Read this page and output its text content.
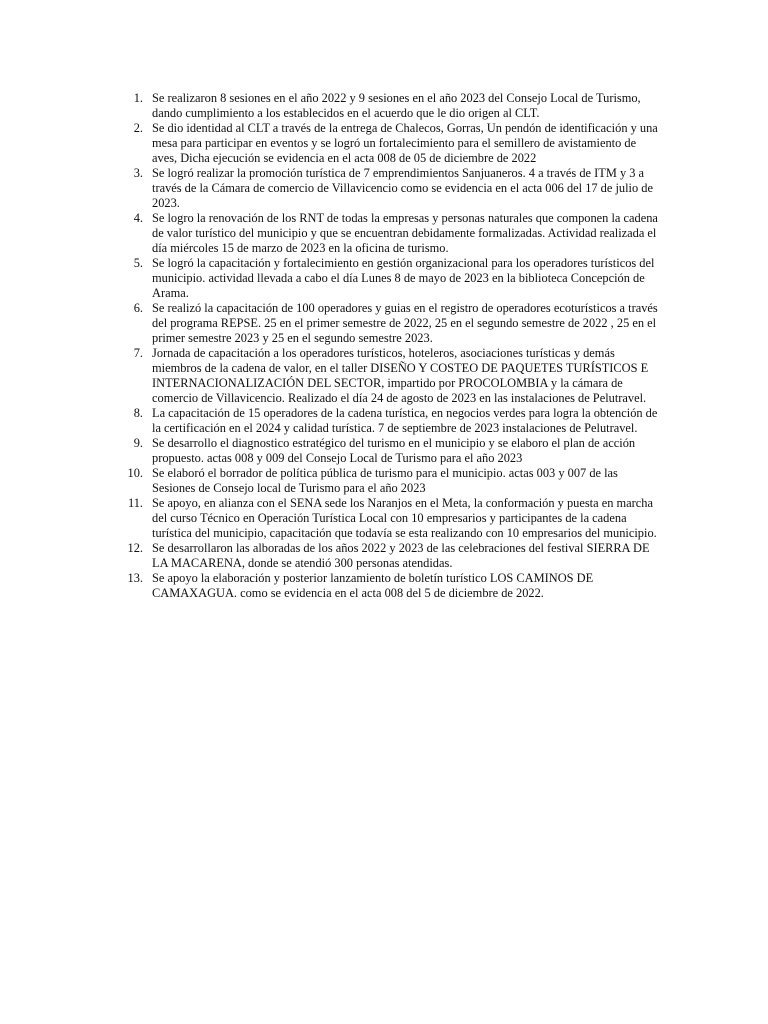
1. Se realizaron 8 sesiones en el año 2022 y 9 sesiones en el año 2023 del Consejo Local de Turismo, dando cumplimiento a los establecidos en el acuerdo que le dio origen al CLT.
2. Se dio identidad al CLT a través de la entrega de Chalecos, Gorras, Un pendón de identificación y una mesa para participar en eventos y se logró un fortalecimiento para el semillero de avistamiento de aves, Dicha ejecución se evidencia en el acta 008 de 05 de diciembre de 2022
3. Se logró realizar la promoción turística de 7 emprendimientos Sanjuaneros. 4 a través de ITM y 3 a través de la Cámara de comercio de Villavicencio como se evidencia en el acta 006 del 17 de julio de 2023.
4. Se logro la renovación de los RNT de todas la empresas y personas naturales que componen la cadena de valor turístico del municipio y que se encuentran debidamente formalizadas. Actividad realizada el día miércoles 15 de marzo de 2023 en la oficina de turismo.
5. Se logró la capacitación y fortalecimiento en gestión organizacional para los operadores turísticos del municipio. actividad llevada a cabo el día Lunes 8 de mayo de 2023 en la biblioteca Concepción de Arama.
6. Se realizó la capacitación de 100 operadores y guias en el registro de operadores ecoturísticos a través del programa REPSE. 25 en el primer semestre de 2022, 25 en el segundo semestre de 2022 , 25 en el primer semestre 2023 y 25 en el segundo semestre 2023.
7. Jornada de capacitación a los operadores turísticos, hoteleros, asociaciones turísticas y demás miembros de la cadena de valor, en el taller DISEÑO Y COSTEO DE PAQUETES TURÍSTICOS E INTERNACIONALIZACIÓN DEL SECTOR, impartido por PROCOLOMBIA y la cámara de comercio de Villavicencio. Realizado el día 24 de agosto de 2023 en las instalaciones de Pelutravel.
8. La capacitación de 15 operadores de la cadena turística, en negocios verdes para logra la obtención de la certificación en el 2024 y calidad turística. 7 de septiembre de 2023 instalaciones de Pelutravel.
9. Se desarrollo el diagnostico estratégico del turismo en el municipio y se elaboro el plan de acción propuesto. actas 008 y 009 del Consejo Local de Turismo para el año 2023
10. Se elaboró el borrador de política pública de turismo para el municipio. actas 003 y 007 de las Sesiones de Consejo local de Turismo para el año 2023
11. Se apoyo, en alianza con el SENA sede los Naranjos en el Meta, la conformación y puesta en marcha del curso Técnico en Operación Turística Local con 10 empresarios y participantes de la cadena turística del municipio, capacitación que todavía se esta realizando con 10 empresarios del municipio.
12. Se desarrollaron las alboradas de los años 2022 y 2023 de las celebraciones del festival SIERRA DE LA MACARENA, donde se atendió 300 personas atendidas.
13. Se apoyo la elaboración y posterior lanzamiento de boletín turístico LOS CAMINOS DE CAMAXAGUA. como se evidencia en el acta 008 del 5 de diciembre de 2022.
